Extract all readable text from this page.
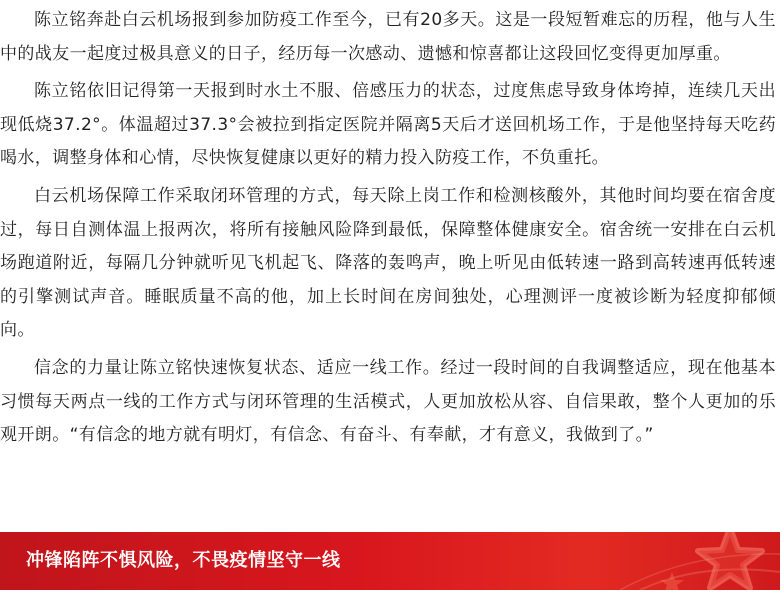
陈立铭奔赴白云机场报到参加防疫工作至今，已有20多天。这是一段短暂难忘的历程，他与人生中的战友一起度过极具意义的日子，经历每一次感动、遗憾和惊喜都让这段回忆变得更加厚重。

陈立铭依旧记得第一天报到时水土不服、倍感压力的状态，过度焦虑导致身体垮掉，连续几天出现低烧37.2°。体温超过37.3°会被拉到指定医院并隔离5天后才送回机场工作，于是他坚持每天吃药喝水，调整身体和心情，尽快恢复健康以更好的精力投入防疫工作，不负重托。

白云机场保障工作采取闭环管理的方式，每天除上岗工作和检测核酸外，其他时间均要在宿舍度过，每日自测体温上报两次，将所有接触风险降到最低，保障整体健康安全。宿舍统一安排在白云机场跑道附近，每隔几分钟就听见飞机起飞、降落的轰鸣声，晚上听见由低转速一路到高转速再低转速的引擎测试声音。睡眠质量不高的他，加上长时间在房间独处，心理测评一度被诊断为轻度抑郁倾向。

信念的力量让陈立铭快速恢复状态、适应一线工作。经过一段时间的自我调整适应，现在他基本习惯每天两点一线的工作方式与闭环管理的生活模式，人更加放松从容、自信果敢，整个人更加的乐观开朗。“有信念的地方就有明灯，有信念、有奋斗、有奉献，才有意义，我做到了。”

冲锋陷阵不惧风险，不畏疫情坚守一线
